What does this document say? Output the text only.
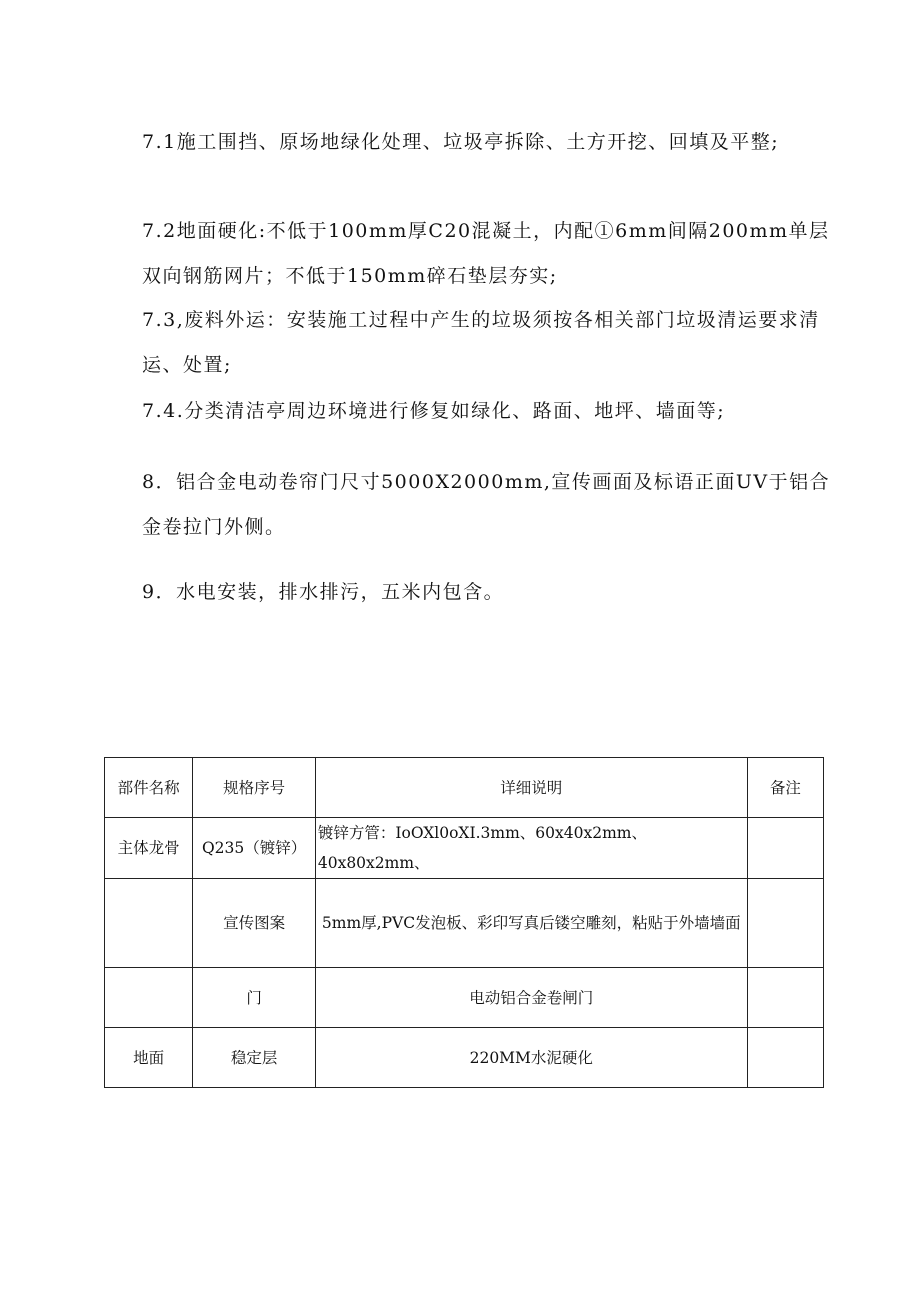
7.1施工围挡、原场地绿化处理、垃圾亭拆除、土方开挖、回填及平整;

7.2地面硬化:不低于100mm厚C20混凝土，内配①6mm间隔200mm单层双向钢筋网片；不低于150mm碎石垫层夯实;

7.3,废料外运：安装施工过程中产生的垃圾须按各相关部门垃圾清运要求清运、处置;

7.4.分类清洁亭周边环境进行修复如绿化、路面、地坪、墙面等;

8．铝合金电动卷帘门尺寸5000X2000mm,宣传画面及标语正面UV于铝合金卷拉门外侧。

9．水电安装，排水排污，五米内包含。

部件名称	规格序号	详细说明	备注
主体龙骨	Q235（镀锌）	镀锌方管：IoOXl0oXI.3mm、60x40x2mm、40x80x2mm、	
	宣传图案	5mm厚,PVC发泡板、彩印写真后镂空雕刻，粘贴于外墙墙面	
	门	电动铝合金卷闸门	
地面	稳定层	220MM水泥硬化	
